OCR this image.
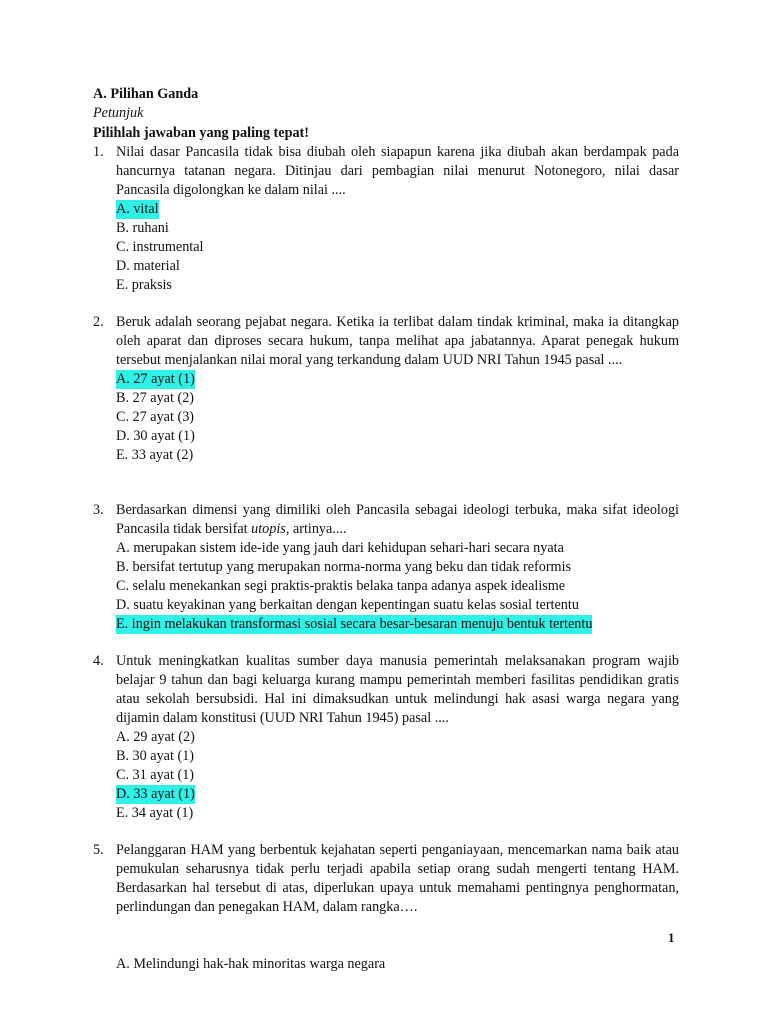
A. Pilihan Ganda
Petunjuk
Pilihlah jawaban yang paling tepat!
1. Nilai dasar Pancasila tidak bisa diubah oleh siapapun karena jika diubah akan berdampak pada hancurnya tatanan negara. Ditinjau dari pembagian nilai menurut Notonegoro, nilai dasar Pancasila digolongkan ke dalam nilai ....
A. vital
B. ruhani
C. instrumental
D. material
E. praksis
2. Beruk adalah seorang pejabat negara. Ketika ia terlibat dalam tindak kriminal, maka ia ditangkap oleh aparat dan diproses secara hukum, tanpa melihat apa jabatannya. Aparat penegak hukum tersebut menjalankan nilai moral yang terkandung dalam UUD NRI Tahun 1945 pasal ....
A. 27 ayat (1)
B. 27 ayat (2)
C. 27 ayat (3)
D. 30 ayat (1)
E. 33 ayat (2)
3. Berdasarkan dimensi yang dimiliki oleh Pancasila sebagai ideologi terbuka, maka sifat ideologi Pancasila tidak bersifat utopis, artinya....
A. merupakan sistem ide-ide yang jauh dari kehidupan sehari-hari secara nyata
B. bersifat tertutup yang merupakan norma-norma yang beku dan tidak reformis
C. selalu menekankan segi praktis-praktis belaka tanpa adanya aspek idealisme
D. suatu keyakinan yang berkaitan dengan kepentingan suatu kelas sosial tertentu
E. ingin melakukan transformasi sosial secara besar-besaran menuju bentuk tertentu
4. Untuk meningkatkan kualitas sumber daya manusia pemerintah melaksanakan program wajib belajar 9 tahun dan bagi keluarga kurang mampu pemerintah memberi fasilitas pendidikan gratis atau sekolah bersubsidi. Hal ini dimaksudkan untuk melindungi hak asasi warga negara yang dijamin dalam konstitusi (UUD NRI Tahun 1945) pasal ....
A. 29 ayat (2)
B. 30 ayat (1)
C. 31 ayat (1)
D. 33 ayat (1)
E. 34 ayat (1)
5. Pelanggaran HAM yang berbentuk kejahatan seperti penganiayaan, mencemarkan nama baik atau pemukulan seharusnya tidak perlu terjadi apabila setiap orang sudah mengerti tentang HAM. Berdasarkan hal tersebut di atas, diperlukan upaya untuk memahami pentingnya penghormatan, perlindungan dan penegakan HAM, dalam rangka….
A. Melindungi hak-hak minoritas warga negara
1
